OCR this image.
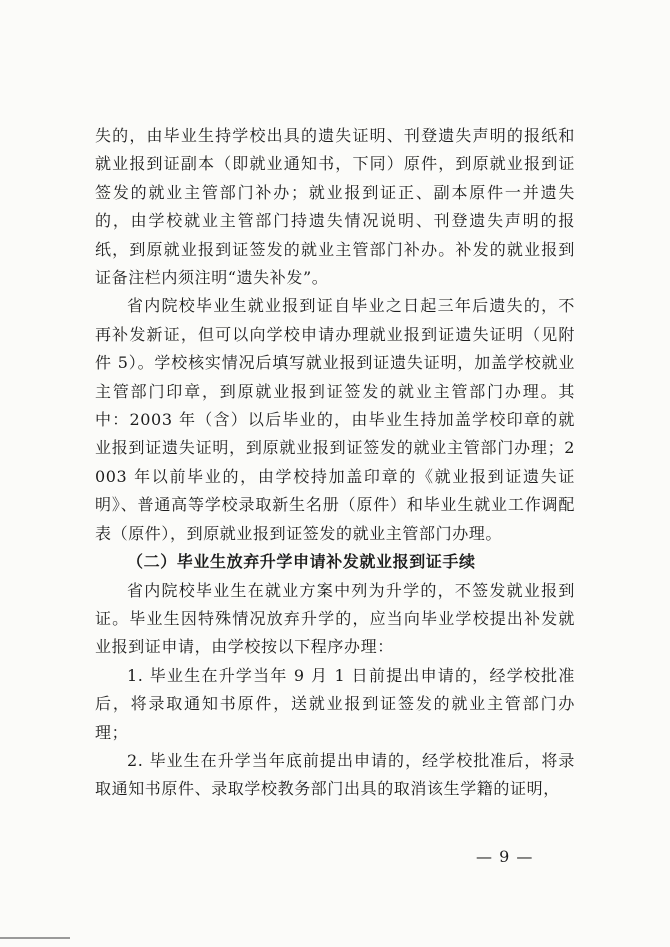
失的，由毕业生持学校出具的遗失证明、刊登遗失声明的报纸和就业报到证副本（即就业通知书，下同）原件，到原就业报到证签发的就业主管部门补办；就业报到证正、副本原件一并遗失的，由学校就业主管部门持遗失情况说明、刊登遗失声明的报纸，到原就业报到证签发的就业主管部门补办。补发的就业报到证备注栏内须注明“遗失补发”。

省内院校毕业生就业报到证自毕业之日起三年后遗失的，不再补发新证，但可以向学校申请办理就业报到证遗失证明（见附件 5）。学校核实情况后填写就业报到证遗失证明，加盖学校就业主管部门印章，到原就业报到证签发的就业主管部门办理。其中：2003 年（含）以后毕业的，由毕业生持加盖学校印章的就业报到证遗失证明，到原就业报到证签发的就业主管部门办理；2003 年以前毕业的，由学校持加盖印章的《就业报到证遗失证明》、普通高等学校录取新生名册（原件）和毕业生就业工作调配表（原件），到原就业报到证签发的就业主管部门办理。

（二）毕业生放弃升学申请补发就业报到证手续

省内院校毕业生在就业方案中列为升学的，不签发就业报到证。毕业生因特殊情况放弃升学的，应当向毕业学校提出补发就业报到证申请，由学校按以下程序办理：

1. 毕业生在升学当年 9 月 1 日前提出申请的，经学校批准后，将录取通知书原件，送就业报到证签发的就业主管部门办理；

2. 毕业生在升学当年底前提出申请的，经学校批准后，将录取通知书原件、录取学校教务部门出具的取消该生学籍的证明，

— 9 —
